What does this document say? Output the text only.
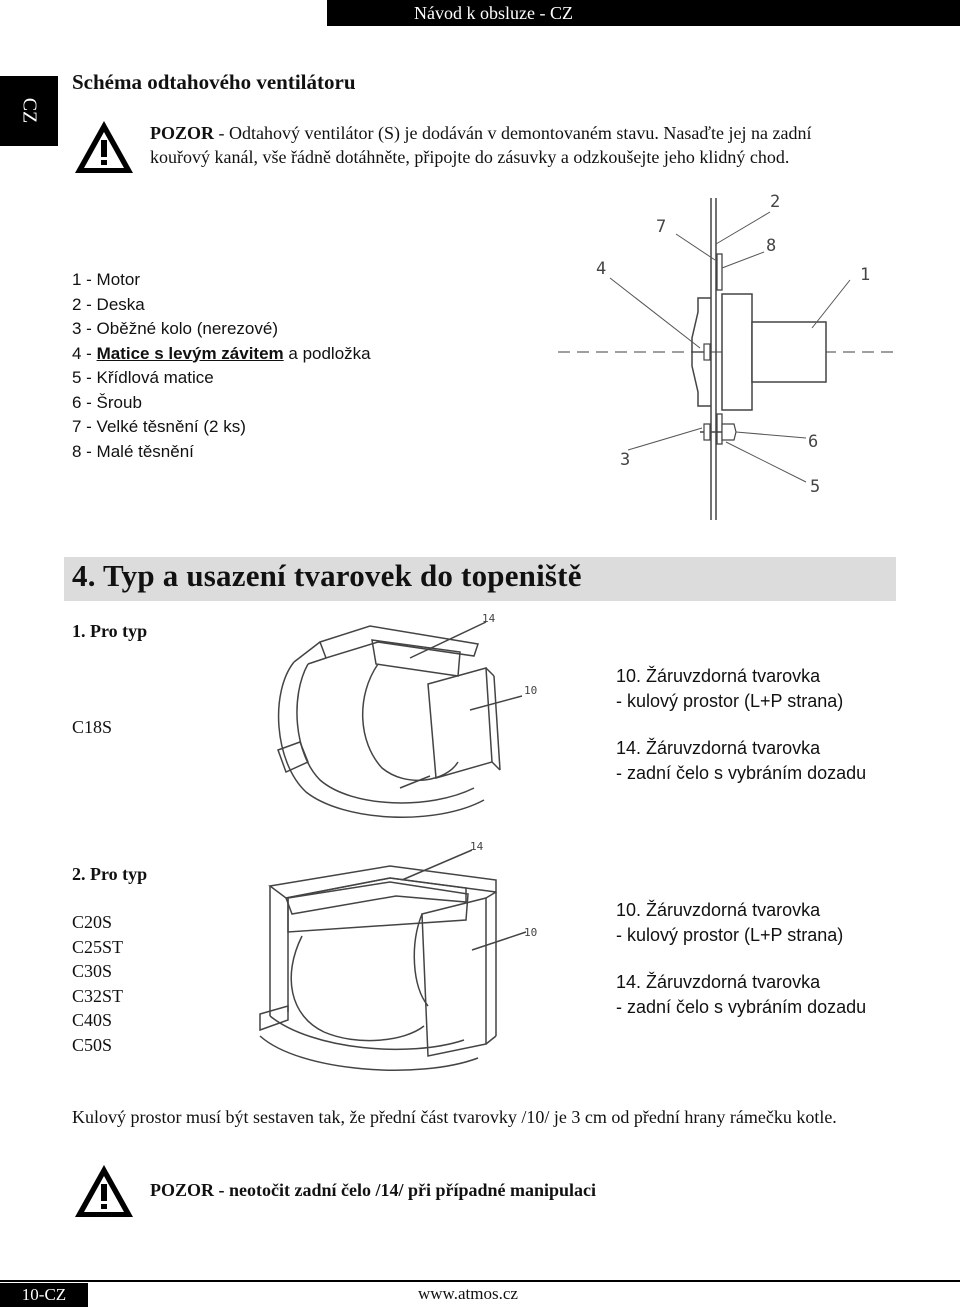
Návod k obsluze - CZ
CZ
Schéma odtahového ventilátoru
POZOR - Odtahový ventilátor (S) je dodáván v demontovaném stavu. Nasaďte jej na zadní
kouřový kanál, vše řádně dotáhněte, připojte do zásuvky a odzkoušejte jeho klidný chod.
1 - Motor
2 - Deska
3 - Oběžné kolo (nerezové)
4 - Matice s levým závitem a podložka
5 - Křídlová matice
6 - Šroub
7 - Velké těsnění (2 ks)
8 - Malé těsnění
1
2
3
4
5
6
7
8
4. Typ a usazení tvarovek do topeniště
1. Pro typ
C18S
14
10
10. Žáruvzdorná tvarovka
- kulový prostor (L+P strana)
14. Žáruvzdorná tvarovka
- zadní čelo s vybráním dozadu
2. Pro typ
C20S
C25ST
C30S
C32ST
C40S
C50S
14
10
10. Žáruvzdorná tvarovka
- kulový prostor (L+P strana)
14. Žáruvzdorná tvarovka
- zadní čelo s vybráním dozadu
Kulový prostor musí být sestaven tak, že přední část tvarovky /10/ je 3 cm od přední hrany rámečku kotle.
POZOR - neotočit zadní čelo /14/ při případné manipulaci
10-CZ	www.atmos.cz
